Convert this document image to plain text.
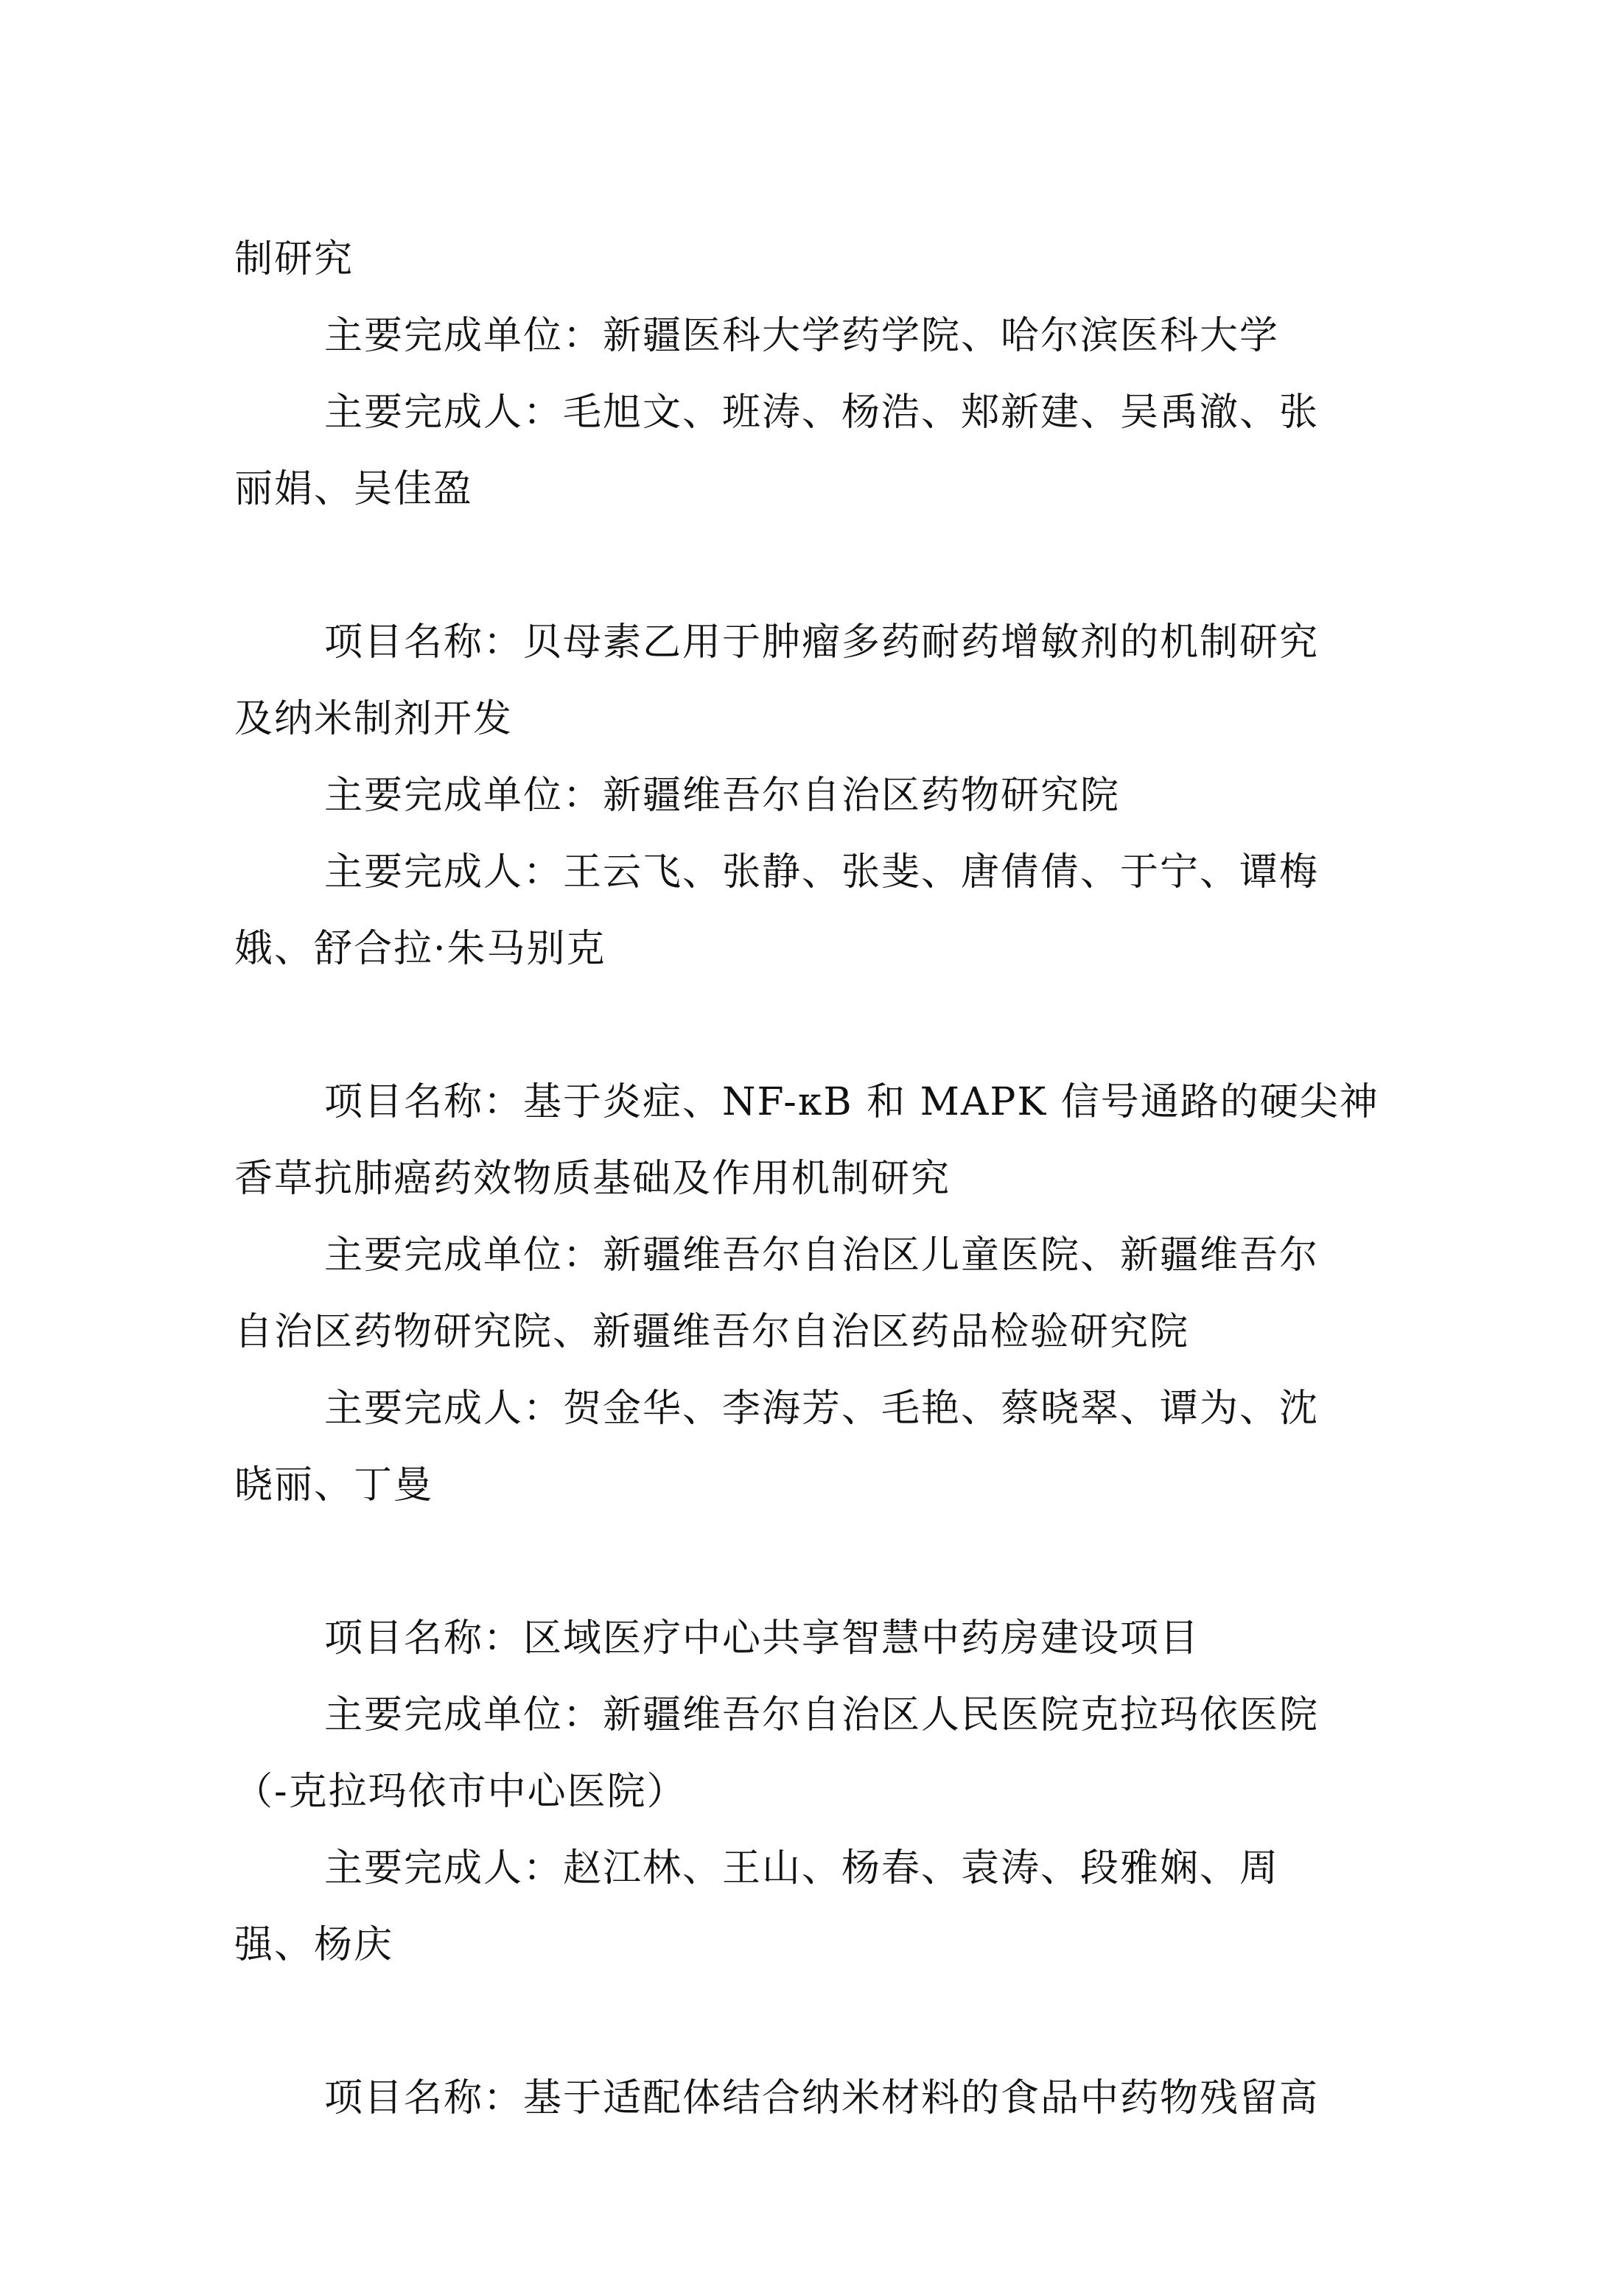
制研究
主要完成单位：新疆医科大学药学院、哈尔滨医科大学
主要完成人：毛旭文、班涛、杨浩、郏新建、吴禹澈、张
丽娟、吴佳盈
项目名称：贝母素乙用于肿瘤多药耐药增敏剂的机制研究
及纳米制剂开发
主要完成单位：新疆维吾尔自治区药物研究院
主要完成人：王云飞、张静、张斐、唐倩倩、于宁、谭梅
娥、舒合拉·朱马别克
项目名称：基于炎症、NF-κB 和 MAPK 信号通路的硬尖神
香草抗肺癌药效物质基础及作用机制研究
主要完成单位：新疆维吾尔自治区儿童医院、新疆维吾尔
自治区药物研究院、新疆维吾尔自治区药品检验研究院
主要完成人：贺金华、李海芳、毛艳、蔡晓翠、谭为、沈
晓丽、丁曼
项目名称：区域医疗中心共享智慧中药房建设项目
主要完成单位：新疆维吾尔自治区人民医院克拉玛依医院
（-克拉玛依市中心医院）
主要完成人：赵江林、王山、杨春、袁涛、段雅娴、周
强、杨庆
项目名称：基于适配体结合纳米材料的食品中药物残留高
